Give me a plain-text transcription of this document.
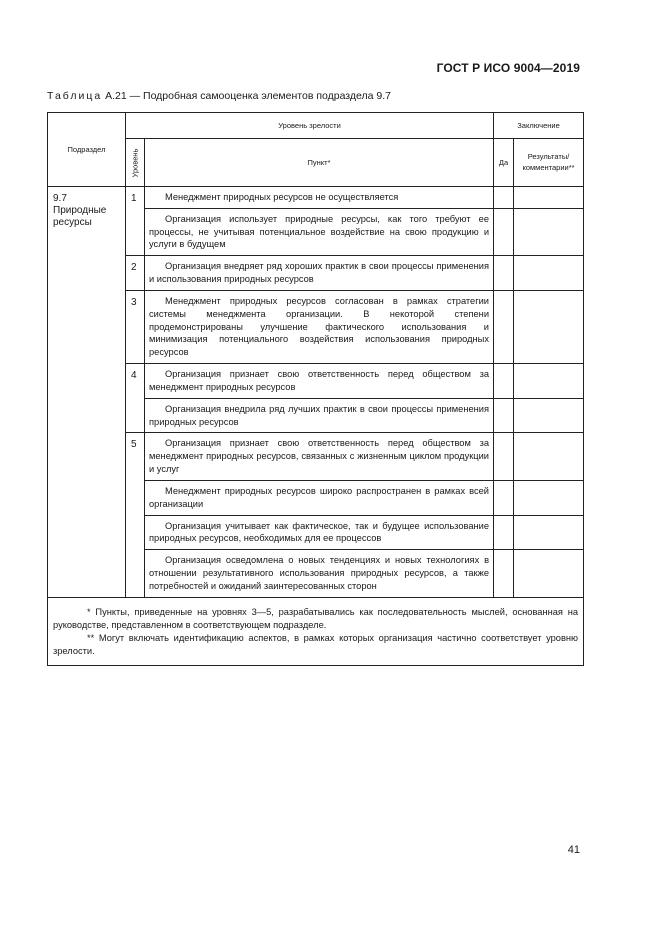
ГОСТ Р ИСО 9004—2019
Таблица А.21 — Подробная самооценка элементов подраздела 9.7
Подраздел	Уровень зрелости		Заключение	

	Уровень	Пункт*	Да	Результаты/ комментарии**
9.7 Природные ресурсы	1	Менеджмент природных ресурсов не осуществляется		
		Организация использует природные ресурсы, как того требуют ее процессы, не учитывая потенциальное воздействие на свою продукцию и услуги в будущем		
	2	Организация внедряет ряд хороших практик в свои процессы применения и использования природных ресурсов		
	3	Менеджмент природных ресурсов согласован в рамках стратегии системы менеджмента организации. В некоторой степени продемонстрированы улучшение фактического использования и минимизация потенциального воздействия использования природных ресурсов		
	4	Организация признает свою ответственность перед обществом за менеджмент природных ресурсов		
		Организация внедрила ряд лучших практик в свои процессы применения природных ресурсов		
	5	Организация признает свою ответственность перед обществом за менеджмент природных ресурсов, связанных с жизненным циклом продукции и услуг		
		Менеджмент природных ресурсов широко распространен в рамках всей организации		
		Организация учитывает как фактическое, так и будущее использование природных ресурсов, необходимых для ее процессов		
		Организация осведомлена о новых тенденциях и новых технологиях в отношении результативного использования природных ресурсов, а также потребностей и ожиданий заинтересованных сторон		

* Пункты, приведенные на уровнях 3—5, разрабатывались как последовательность мыслей, основанная на руководстве, представленном в соответствующем подразделе.

** Могут включать идентификацию аспектов, в рамках которых организация частично соответствует уровню зрелости.				

41
